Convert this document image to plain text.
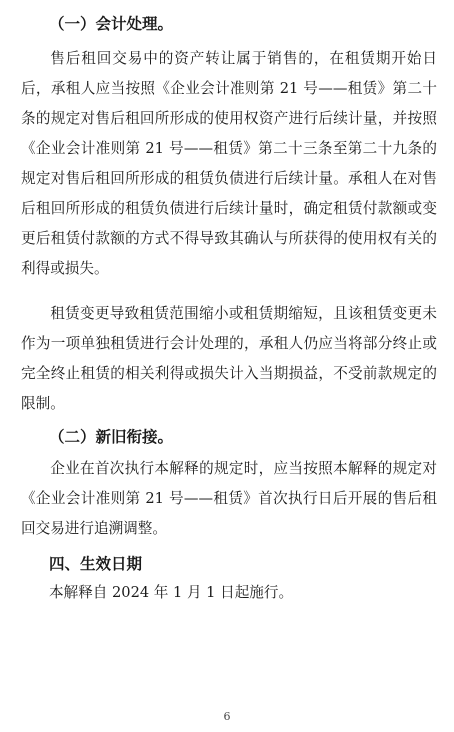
（一）会计处理。

售后租回交易中的资产转让属于销售的，在租赁期开始日后，承租人应当按照《企业会计准则第 21 号——租赁》第二十条的规定对售后租回所形成的使用权资产进行后续计量，并按照《企业会计准则第 21 号——租赁》第二十三条至第二十九条的规定对售后租回所形成的租赁负债进行后续计量。承租人在对售后租回所形成的租赁负债进行后续计量时，确定租赁付款额或变更后租赁付款额的方式不得导致其确认与所获得的使用权有关的利得或损失。

租赁变更导致租赁范围缩小或租赁期缩短，且该租赁变更未作为一项单独租赁进行会计处理的，承租人仍应当将部分终止或完全终止租赁的相关利得或损失计入当期损益，不受前款规定的限制。

（二）新旧衔接。

企业在首次执行本解释的规定时，应当按照本解释的规定对《企业会计准则第 21 号——租赁》首次执行日后开展的售后租回交易进行追溯调整。

四、生效日期
本解释自 2024 年 1 月 1 日起施行。
6
